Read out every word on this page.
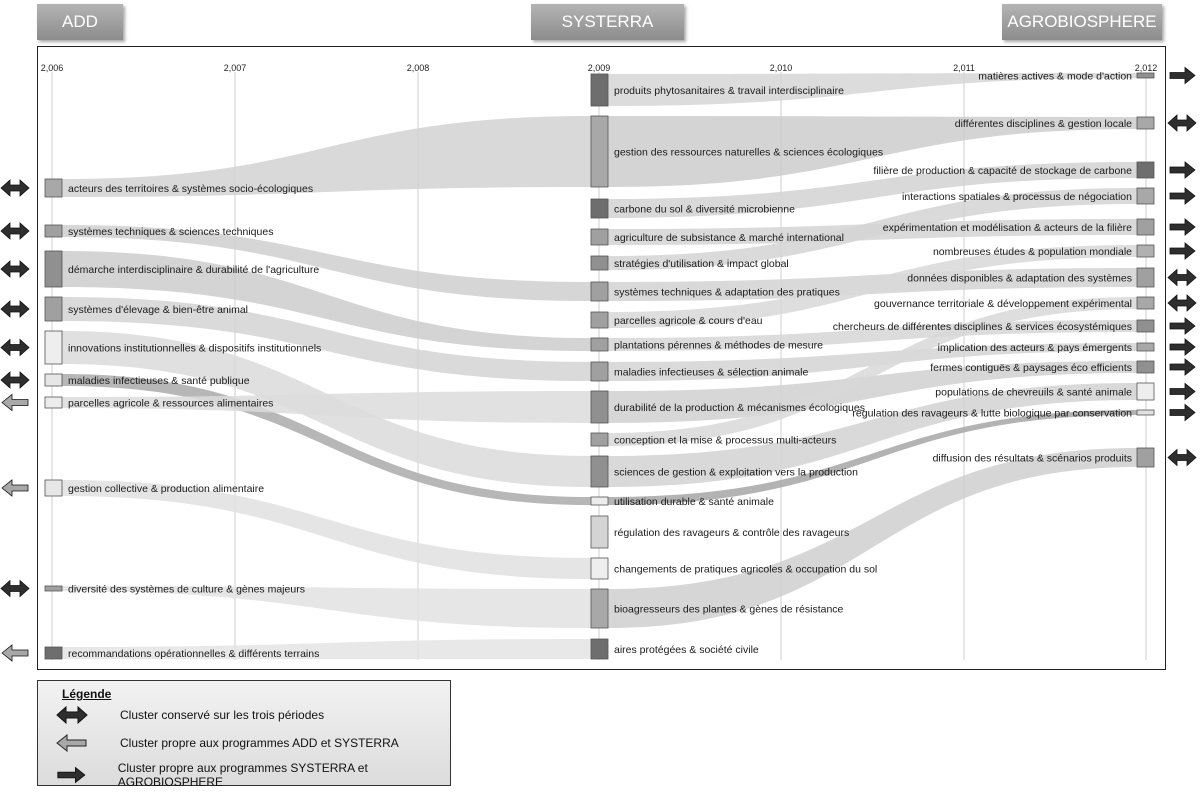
ADD	SYSTERRA	AGROBIOSPHERE
2,006	2,007	2,008	2,009	2,010	2,011	2,012
acteurs des territoires & systèmes socio-écologiques
systèmes techniques & sciences techniques
démarche interdisciplinaire & durabilité de l'agriculture
systèmes d'élevage & bien-être animal
innovations institutionnelles & dispositifs institutionnels
maladies infectieuses & santé publique
parcelles agricole & ressources alimentaires
gestion collective & production alimentaire
diversité des systèmes de culture & gènes majeurs
recommandations opérationnelles & différents terrains
produits phytosanitaires & travail interdisciplinaire
gestion des ressources naturelles & sciences écologiques
carbone du sol & diversité microbienne
agriculture de subsistance & marché international
stratégies d'utilisation & impact global
systèmes techniques & adaptation des pratiques
parcelles agricole & cours d'eau
plantations pérennes & méthodes de mesure
maladies infectieuses & sélection animale
durabilité de la production & mécanismes écologiques
conception et la mise & processus multi-acteurs
sciences de gestion & exploitation vers la production
utilisation durable & santé animale
régulation des ravageurs & contrôle des ravageurs
changements de pratiques agricoles & occupation du sol
bioagresseurs des plantes & gènes de résistance
aires protégées & société civile
matières actives & mode d'action
différentes disciplines & gestion locale
filière de production & capacité de stockage de carbone
interactions spatiales & processus de négociation
expérimentation et modélisation & acteurs de la filière
nombreuses études & population mondiale
données disponibles & adaptation des systèmes
gouvernance territoriale & développement expérimental
chercheurs de différentes disciplines & services écosystémiques
implication des acteurs & pays émergents
fermes contiguës & paysages éco efficients
populations de chevreuils & santé animale
régulation des ravageurs & lutte biologique par conservation
diffusion des résultats & scénarios produits
Légende
Cluster conservé sur les trois périodes
Cluster propre aux programmes ADD et SYSTERRA
Cluster propre aux programmes SYSTERRA et AGROBIOSPHERE
